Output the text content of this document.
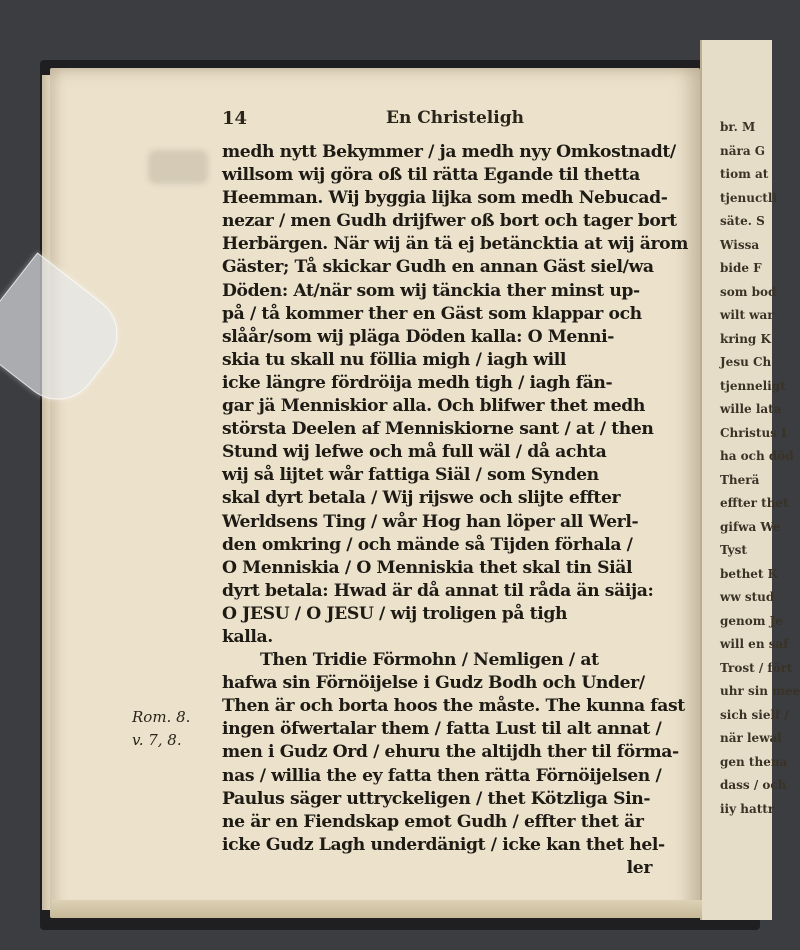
br. M
nära G
tiom at
tjenuctli
säte. S
Wissa
bide F
som bod
wilt war
kring K
Jesu Ch
tjenneligt
wille lata
Christus I
ha och död
Therä
effter thet
gifwa We
Tyst
bethet K
ww stud
genom Je
will en saf
Trost / fört
uhr sin mee
sich sielf /
när lewal
gen thena
dass / och
iiy hattr
14	En Christeligh
medh nytt Bekymmer / ja medh nyy Omkostnadt/
willsom wij göra oß til rätta Egande til thetta
Heemman. Wij byggia lijka som medh Nebucad-
nezar / men Gudh drijfwer oß bort och tager bort
Herbärgen. När wij än tä ej betäncktia at wij ärom
Gäster; Tå skickar Gudh en annan Gäst siel/wa
Döden: At/när som wij tänckia ther minst up-
på / tå kommer ther en Gäst som klappar och
slåår/som wij pläga Döden kalla: O Menni-
skia tu skall nu föllia migh / iagh will
icke längre fördröija medh tigh / iagh fän-
gar jä Menniskior alla. Och blifwer thet medh
största Deelen af Menniskiorne sant / at / then
Stund wij lefwe och må full wäl / då achta
wij så lijtet wår fattiga Siäl / som Synden
skal dyrt betala / Wij rijswe och slijte effter
Werldsens Ting / wår Hog han löper all Werl-
den omkring / och mände så Tijden förhala /
O Menniskia / O Menniskia thet skal tin Siäl
dyrt betala: Hwad är då annat til råda än säija:
O JESU / O JESU / wij troligen på tigh
kalla.
Then Tridie Förmohn / Nemligen / at
hafwa sin Förnöijelse i Gudz Bodh och Under/
Then är och borta hoos the måste. The kunna fast
ingen öfwertalar them / fatta Lust til alt annat /
men i Gudz Ord / ehuru the altijdh ther til förma-
nas / willia the ey fatta then rätta Förnöijelsen /
Paulus säger uttryckeligen / thet Kötzliga Sin-
ne är en Fiendskap emot Gudh / effter thet är
icke Gudz Lagh underdänigt / icke kan thet hel-
ler
Rom. 8.
v. 7, 8.
